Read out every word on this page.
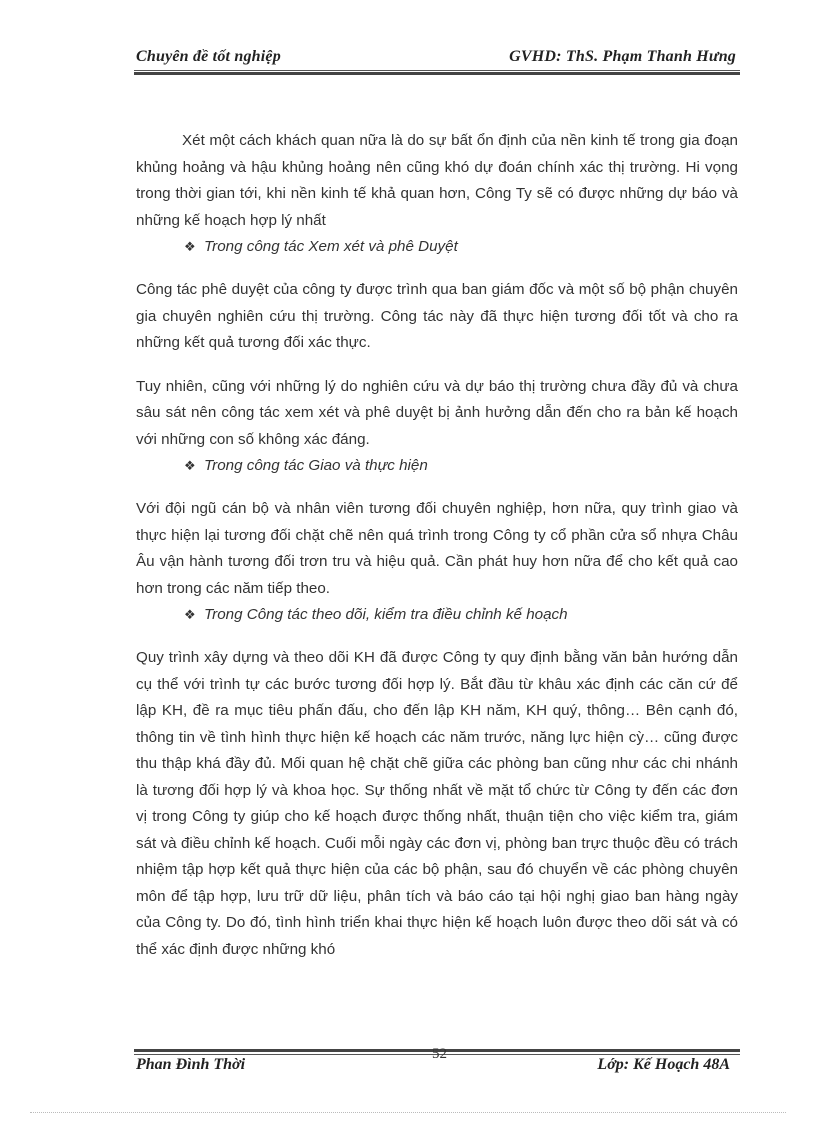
Chuyên đề tốt nghiệp	GVHD: ThS. Phạm Thanh Hưng

Xét một cách khách quan nữa là do sự bất ổn định của nền kinh tế trong gia đoạn khủng hoảng và hậu khủng hoảng nên cũng khó dự đoán chính xác thị trường. Hi vọng trong thời gian tới, khi nền kinh tế khả quan hơn, Công Ty sẽ có được những dự báo và những kế hoạch hợp lý nhất

❖ Trong công tác Xem xét và phê Duyệt

Công tác phê duyệt của công ty được trình qua ban giám đốc và một số bộ phận chuyên gia chuyên nghiên cứu thị trường. Công tác này đã thực hiện tương đối tốt và cho ra những kết quả tương đối xác thực.

Tuy nhiên, cũng với những lý do nghiên cứu và dự báo thị trường chưa đầy đủ và chưa sâu sát nên công tác xem xét và phê duyệt bị ảnh hưởng dẫn đến cho ra bản kế hoạch với những con số không xác đáng.

❖ Trong công tác Giao và thực hiện

Với đội ngũ cán bộ và nhân viên tương đối chuyên nghiệp, hơn nữa, quy trình giao và thực hiện lại tương đối chặt chẽ nên quá trình trong Công ty cổ phần cửa sổ nhựa Châu Âu vận hành tương đối trơn tru và hiệu quả. Cần phát huy hơn nữa để cho kết quả cao hơn trong các năm tiếp theo.

❖ Trong Công tác theo dõi, kiểm tra điều chỉnh kế hoạch

Quy trình xây dựng và theo dõi KH đã được Công ty quy định bằng văn bản hướng dẫn cụ thể với trình tự các bước tương đối hợp lý. Bắt đầu từ khâu xác định các căn cứ để lập KH, đề ra mục tiêu phấn đấu, cho đến lập KH năm, KH quý, thông… Bên cạnh đó, thông tin về tình hình thực hiện kế hoạch các năm trước, năng lực hiện cỳ… cũng được thu thập khá đầy đủ. Mối quan hệ chặt chẽ giữa các phòng ban cũng như các chi nhánh là tương đối hợp lý và khoa học. Sự thống nhất về mặt tổ chức từ Công ty đến các đơn vị trong Công ty giúp cho kế hoạch được thống nhất, thuận tiện cho việc kiểm tra, giám sát và điều chỉnh kế hoạch. Cuối mỗi ngày các đơn vị, phòng ban trực thuộc đều có trách nhiệm tập hợp kết quả thực hiện của các bộ phận, sau đó chuyển về các phòng chuyên môn để tập hợp, lưu trữ dữ liệu, phân tích và báo cáo tại hội nghị giao ban hàng ngày của Công ty. Do đó, tình hình triển khai thực hiện kế hoạch luôn được theo dõi sát và có thể xác định được những khó

Phan Đình Thời
52
Lớp: Kế Hoạch 48A
